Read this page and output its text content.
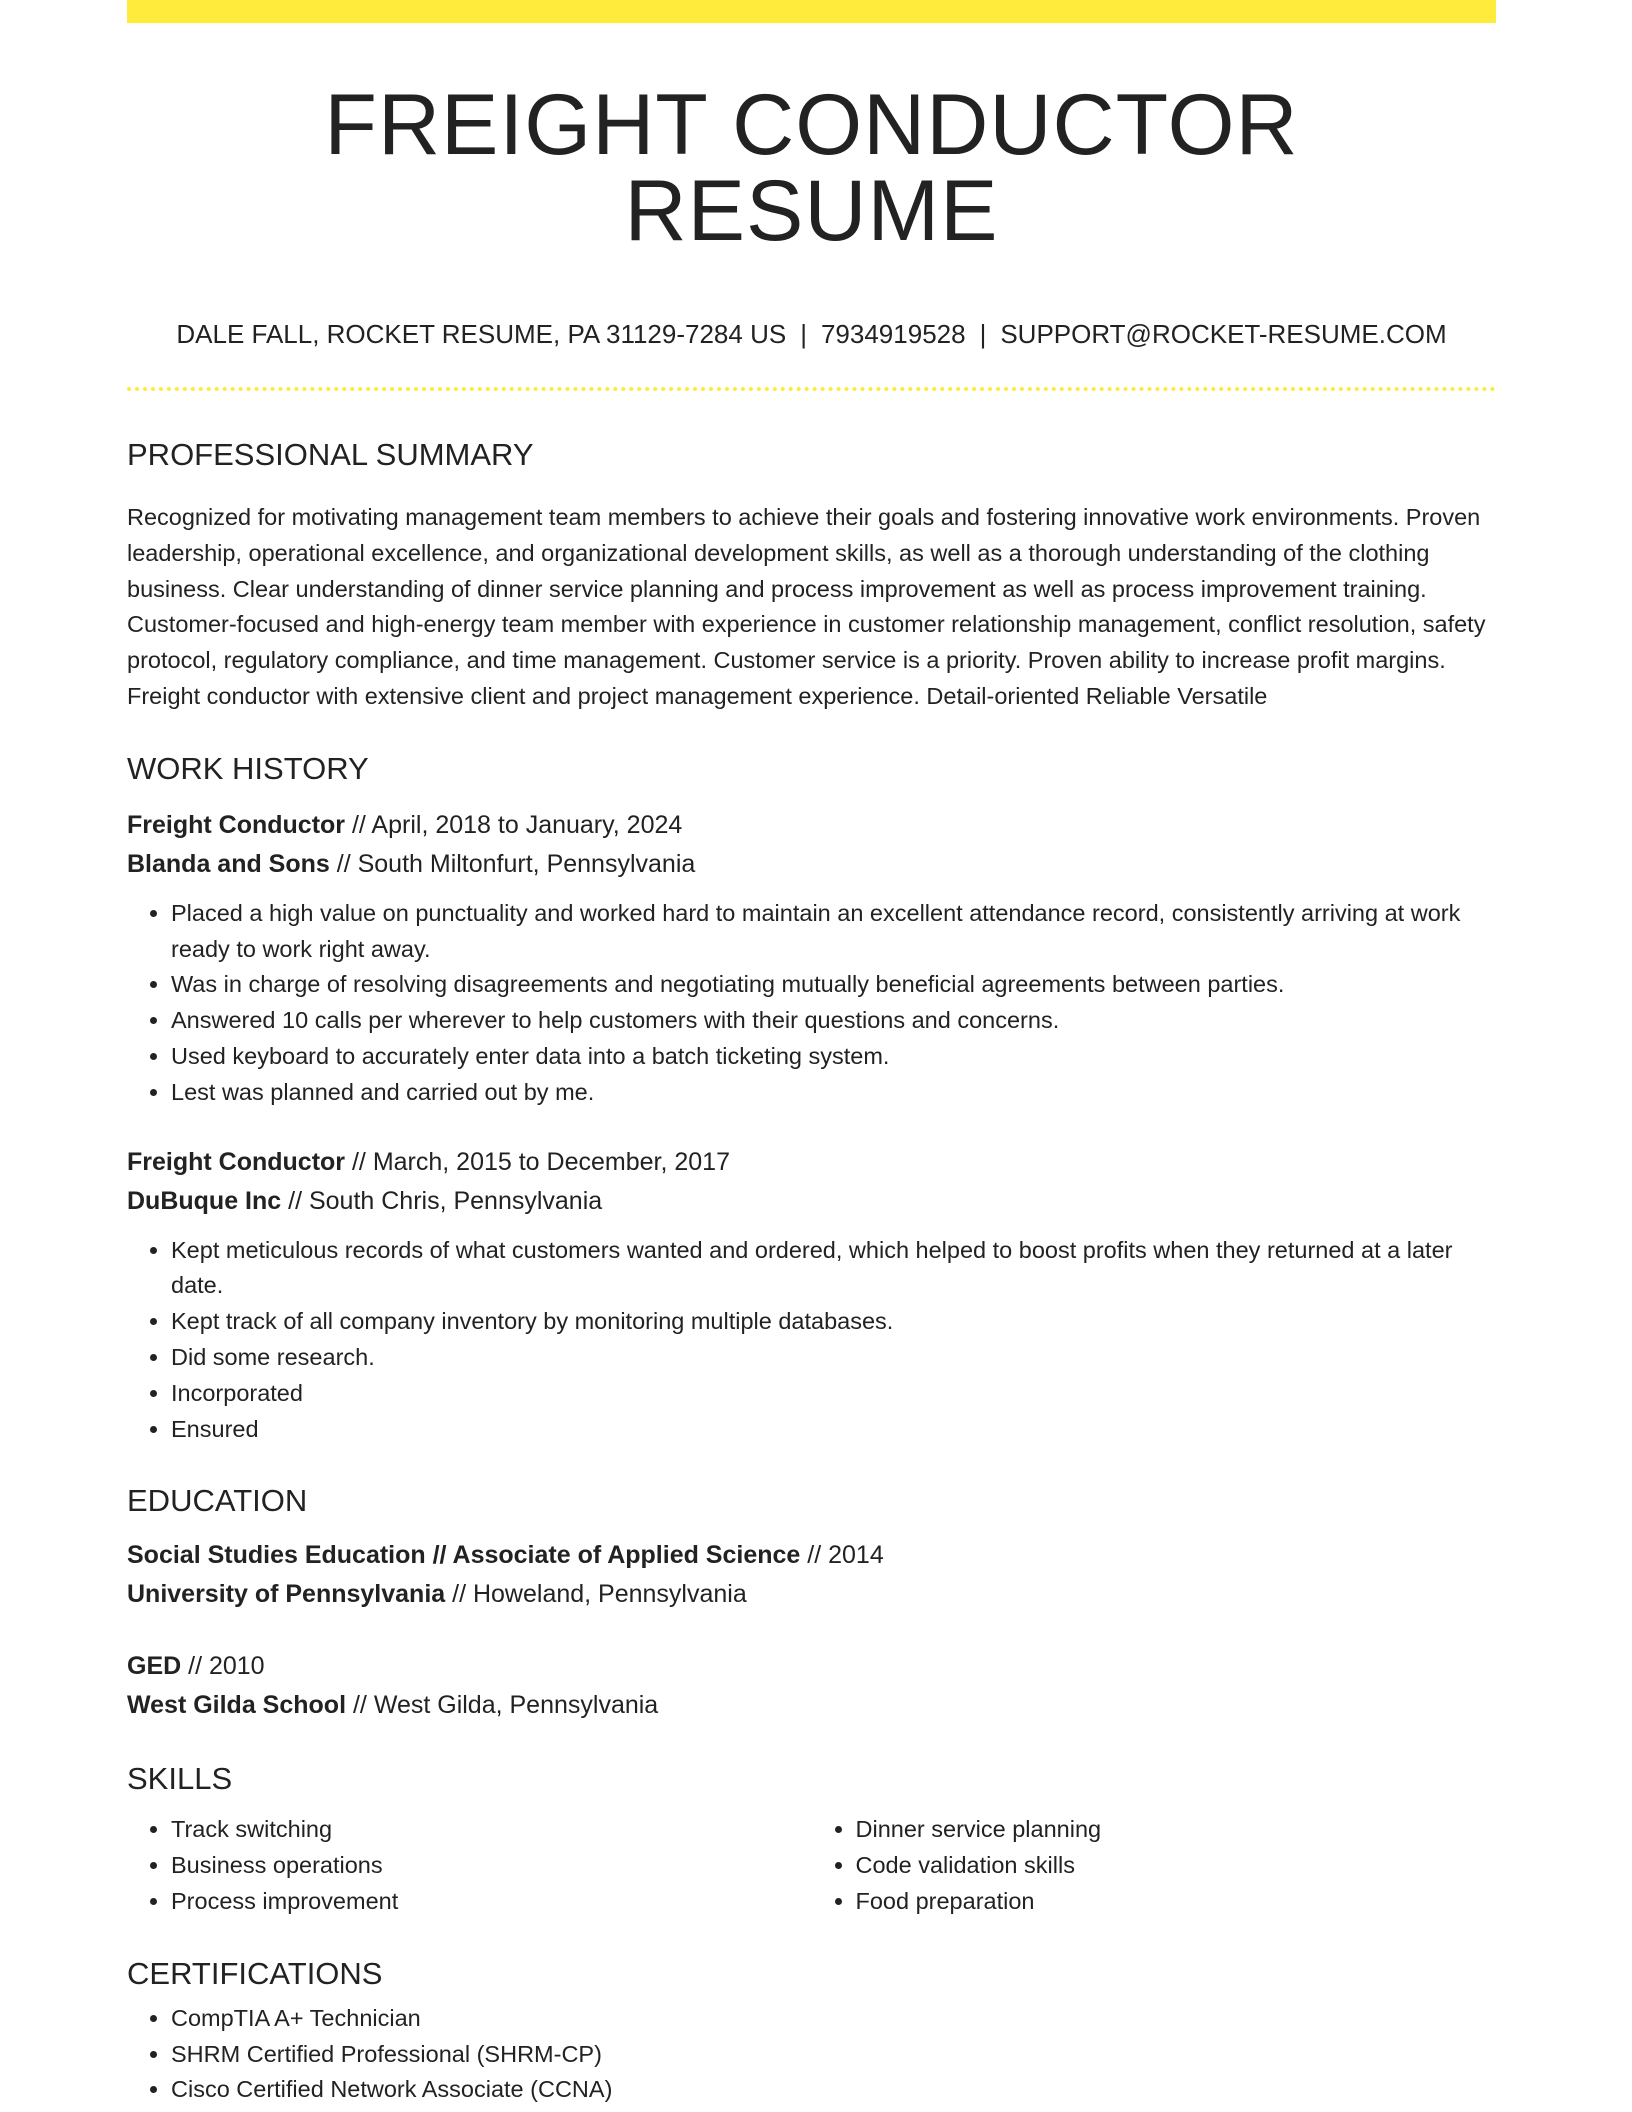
FREIGHT CONDUCTOR RESUME
DALE FALL, ROCKET RESUME, PA 31129-7284 US | 7934919528 | SUPPORT@ROCKET-RESUME.COM
PROFESSIONAL SUMMARY

Recognized for motivating management team members to achieve their goals and fostering innovative work environments. Proven leadership, operational excellence, and organizational development skills, as well as a thorough understanding of the clothing business. Clear understanding of dinner service planning and process improvement as well as process improvement training. Customer-focused and high-energy team member with experience in customer relationship management, conflict resolution, safety protocol, regulatory compliance, and time management. Customer service is a priority. Proven ability to increase profit margins. Freight conductor with extensive client and project management experience. Detail-oriented Reliable Versatile

WORK HISTORY

Freight Conductor // April, 2018 to January, 2024

Blanda and Sons // South Miltonfurt, Pennsylvania

• Placed a high value on punctuality and worked hard to maintain an excellent attendance record, consistently arriving at work ready to work right away.
• Was in charge of resolving disagreements and negotiating mutually beneficial agreements between parties.
• Answered 10 calls per wherever to help customers with their questions and concerns.
• Used keyboard to accurately enter data into a batch ticketing system.
• Lest was planned and carried out by me.

Freight Conductor // March, 2015 to December, 2017

DuBuque Inc // South Chris, Pennsylvania

• Kept meticulous records of what customers wanted and ordered, which helped to boost profits when they returned at a later date.
• Kept track of all company inventory by monitoring multiple databases.
• Did some research.
• Incorporated
• Ensured
EDUCATION

Social Studies Education // Associate of Applied Science // 2014

University of Pennsylvania // Howeland, Pennsylvania

GED // 2010

West Gilda School // West Gilda, Pennsylvania

SKILLS
• Track switching
• Business operations
• Process improvement
• Dinner service planning
• Code validation skills
• Food preparation
CERTIFICATIONS
• CompTIA A+ Technician
• SHRM Certified Professional (SHRM-CP)
• Cisco Certified Network Associate (CCNA)
